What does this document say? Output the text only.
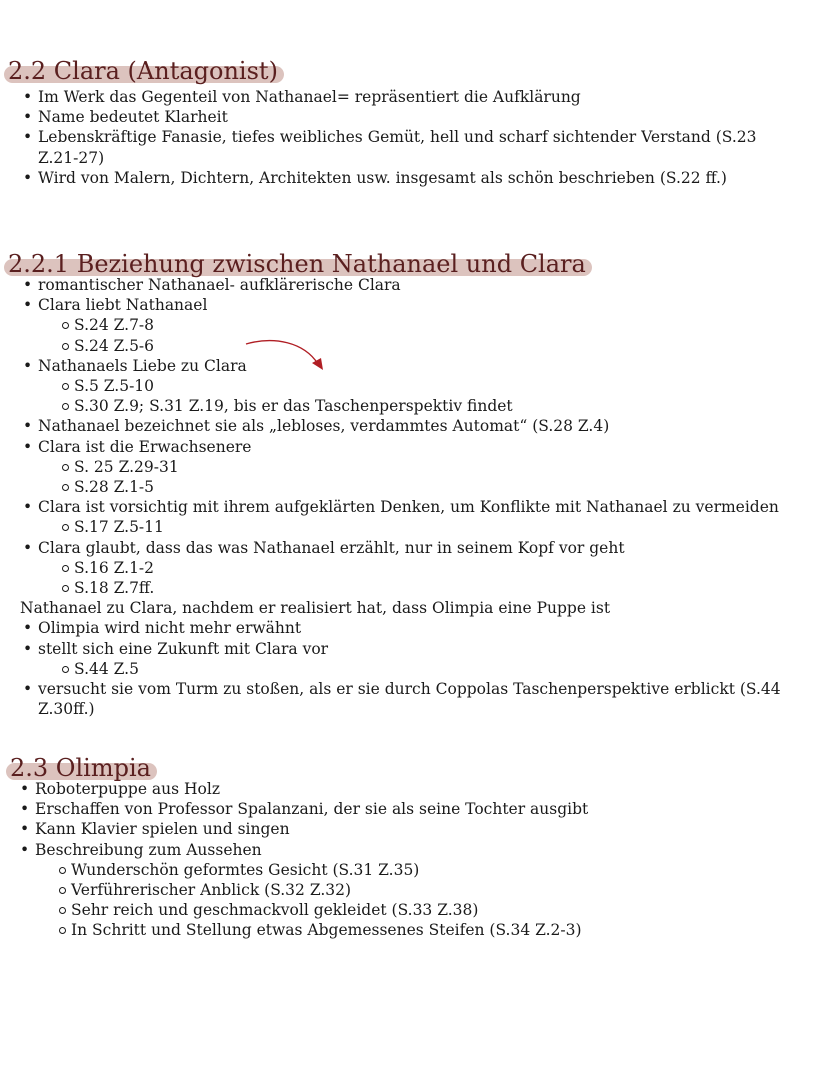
2.2 Clara (Antagonist)
• Im Werk das Gegenteil von Nathanael= repräsentiert die Aufklärung
• Name bedeutet Klarheit
• Lebenskräftige Fanasie, tiefes weibliches Gemüt, hell und scharf sichtender Verstand (S.23 Z.21-27)
• Wird von Malern, Dichtern, Architekten usw. insgesamt als schön beschrieben (S.22 ff.)
2.2.1 Beziehung zwischen Nathanael und Clara
• romantischer Nathanael- aufklärerische Clara
• Clara liebt Nathanael
S.24 Z.7-8
S.24 Z.5-6
• Nathanaels Liebe zu Clara
S.5 Z.5-10
S.30 Z.9; S.31 Z.19, bis er das Taschenperspektiv findet
• Nathanael bezeichnet sie als „lebloses, verdammtes Automat“ (S.28 Z.4)
• Clara ist die Erwachsenere
S. 25 Z.29-31
S.28 Z.1-5
• Clara ist vorsichtig mit ihrem aufgeklärten Denken, um Konflikte mit Nathanael zu vermeiden
S.17 Z.5-11
• Clara glaubt, dass das was Nathanael erzählt, nur in seinem Kopf vor geht
S.16 Z.1-2
S.18 Z.7ff.
Nathanael zu Clara, nachdem er realisiert hat, dass Olimpia eine Puppe ist
• Olimpia wird nicht mehr erwähnt
• stellt sich eine Zukunft mit Clara vor
S.44 Z.5
• versucht sie vom Turm zu stoßen, als er sie durch Coppolas Taschenperspektive erblickt (S.44 Z.30ff.)
2.3 Olimpia
• Roboterpuppe aus Holz
• Erschaffen von Professor Spalanzani, der sie als seine Tochter ausgibt
• Kann Klavier spielen und singen
• Beschreibung zum Aussehen
Wunderschön geformtes Gesicht (S.31 Z.35)
Verführerischer Anblick (S.32 Z.32)
Sehr reich und geschmackvoll gekleidet (S.33 Z.38)
In Schritt und Stellung etwas Abgemessenes Steifen (S.34 Z.2-3)
